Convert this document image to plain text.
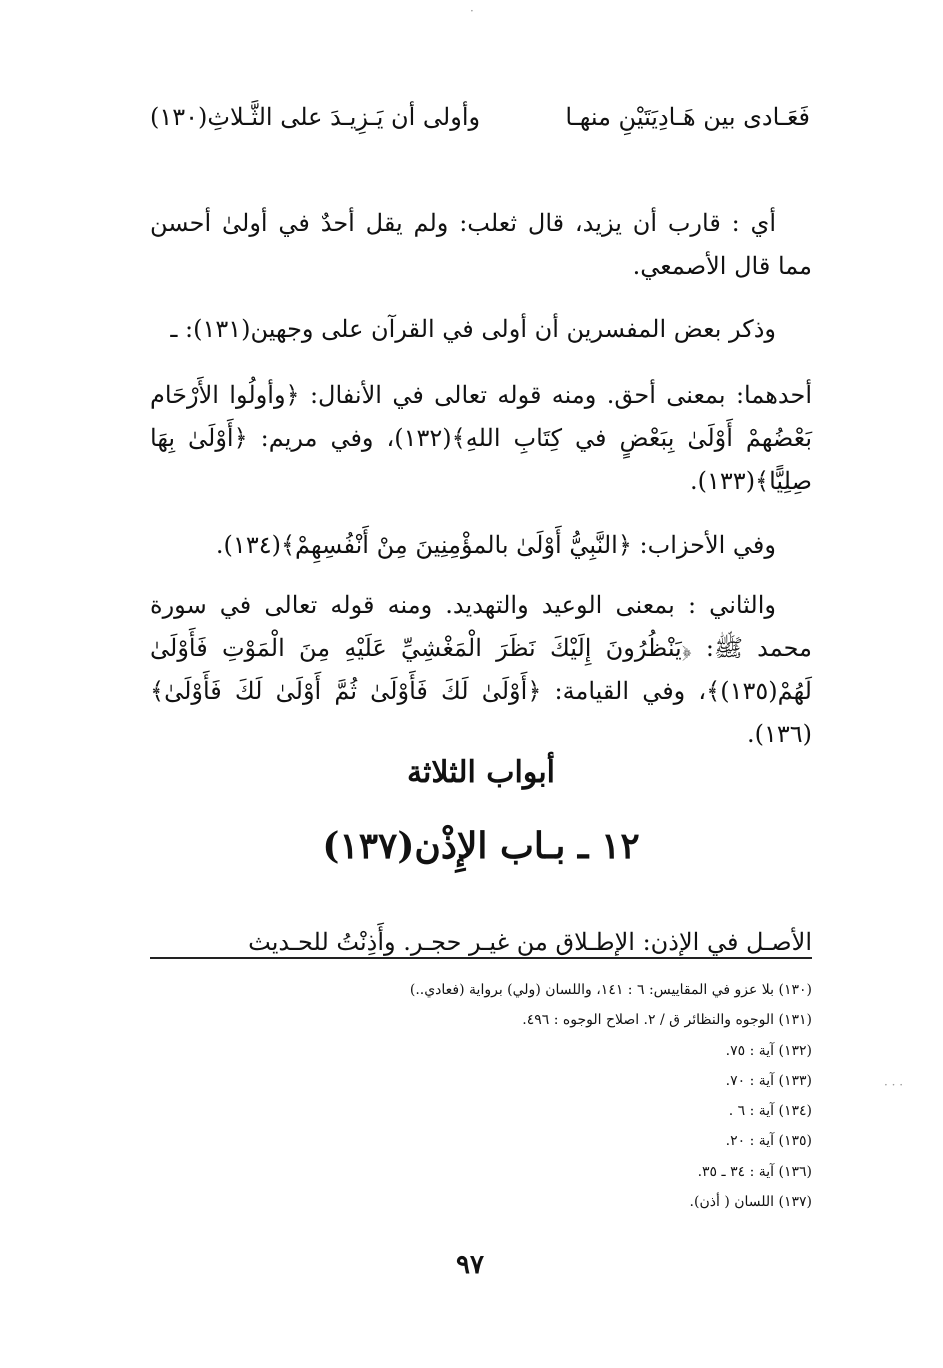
·
· · ·
فَعَـادى بين هَـادِيَتَيْنِ منهـا
وأولى أن يَـزِيـدَ على الثَّـلاثِ(١٣٠)

أي : قارب أن يزيد، قال ثعلب: ولم يقل أحدٌ في أولىٰ أحسن مما قال الأصمعي.

وذكر بعض المفسرين أن أولى في القرآن على وجهين(١٣١): ـ

أحدهما: بمعنى أحق. ومنه قوله تعالى في الأنفال: ﴿وأولُوا الأَرْحَام بَعْضُهمْ أَوْلَىٰ بِبَعْضٍ في كِتَابِ اللهِ﴾(١٣٢)، وفي مريم: ﴿أَوْلَىٰ بِهَا صِلِيًّا﴾(١٣٣).

وفي الأحزاب: ﴿النَّبِيُّ أَوْلَىٰ بالمؤْمِنِينَ مِنْ أَنْفُسِهِمْ﴾(١٣٤).

والثاني : بمعنى الوعيد والتهديد. ومنه قوله تعالى في سورة محمد ﷺ: ﴿يَنْظُرُونَ إِلَيْكَ نَظَرَ الْمَغْشِيِّ عَلَيْهِ مِنَ الْمَوْتِ فَأَوْلَىٰ لَهُمْ(١٣٥)﴾، وفي القيامة: ﴿أَوْلَىٰ لَكَ فَأَوْلَىٰ ثُمَّ أَوْلَىٰ لَكَ فَأَوْلَىٰ﴾(١٣٦).

أبواب الثلاثة
١٢ ـ بـاب الإِذْن(١٣٧)

الأصـل في الإذن: الإطـلاق من غيـر حجـر. وأَذِنْتُ للحـديث

(١٣٠) بلا عزو في المقاييس: ٦ : ١٤١، واللسان (ولي) برواية (فعادي..)
(١٣١) الوجوه والنظائر ق / ٢. اصلاح الوجوه : ٤٩٦.
(١٣٢) آية : ٧٥.
(١٣٣) آية : ٧٠.
(١٣٤) آية : ٦ .
(١٣٥) آية : ٢٠.
(١٣٦) آية : ٣٤ ـ ٣٥.
(١٣٧) اللسان ( أذن).
٩٧
